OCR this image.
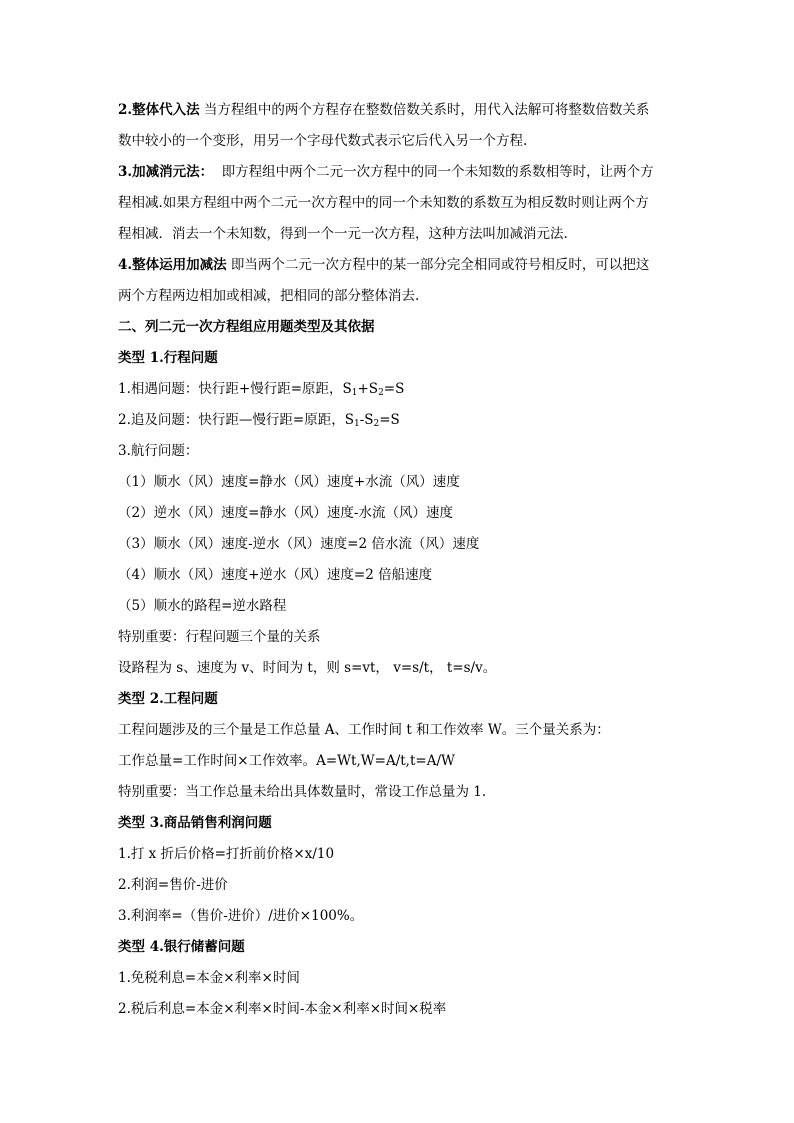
2.整体代入法 当方程组中的两个方程存在整数倍数关系时，用代入法解可将整数倍数关系
数中较小的一个变形，用另一个字母代数式表示它后代入另一个方程.
3.加减消元法： 即方程组中两个二元一次方程中的同一个未知数的系数相等时，让两个方
程相减.如果方程组中两个二元一次方程中的同一个未知数的系数互为相反数时则让两个方
程相减．消去一个未知数，得到一个一元一次方程，这种方法叫加减消元法.
4.整体运用加减法 即当两个二元一次方程中的某一部分完全相同或符号相反时，可以把这
两个方程两边相加或相减，把相同的部分整体消去.
二、列二元一次方程组应用题类型及其依据
类型 1.行程问题
1.相遇问题：快行距+慢行距=原距，$S_1+S_2=S$
2.追及问题：快行距—慢行距=原距，$S_1-S_2=S$
3.航行问题：
（1）顺水（风）速度=静水（风）速度+水流（风）速度
（2）逆水（风）速度=静水（风）速度-水流（风）速度
（3）顺水（风）速度-逆水（风）速度=2 倍水流（风）速度
（4）顺水（风）速度+逆水（风）速度=2 倍船速度
（5）顺水的路程=逆水路程
特别重要：行程问题三个量的关系
设路程为 s、速度为 v、时间为 t，则 s=vt， v=s/t， t=s/v。
类型 2.工程问题
工程问题涉及的三个量是工作总量 A、工作时间 t 和工作效率 W。三个量关系为：
工作总量=工作时间×工作效率。A=Wt,W=A/t,t=A/W
特别重要：当工作总量未给出具体数量时，常设工作总量为 1.
类型 3.商品销售利润问题
1.打 x 折后价格=打折前价格×x/10
2.利润=售价-进价
3.利润率=（售价-进价）/进价×100%。
类型 4.银行储蓄问题
1.免税利息=本金×利率×时间
2.税后利息=本金×利率×时间-本金×利率×时间×税率
